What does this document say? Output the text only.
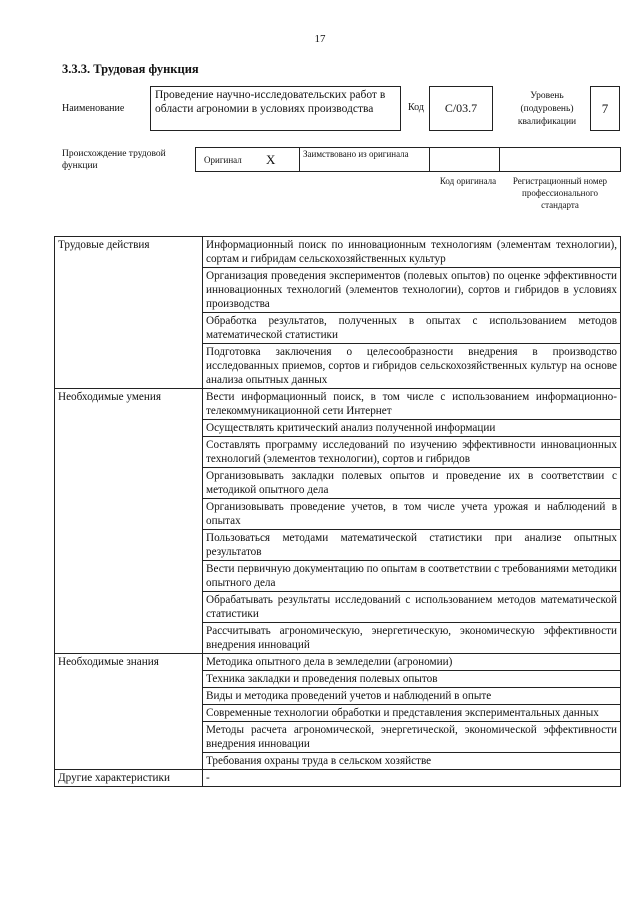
17
3.3.3. Трудовая функция
Наименование
Проведение научно-исследовательских работ в области агрономии в условиях производства	Код	С/03.7
Уровень (подуровень) квалификации
7
Происхождение трудовой функции
Оригинал X	Заимствовано из оригинала
Код оригинала	Регистрационный номер профессионального стандарта
Трудовые действия	Информационный поиск по инновационным технологиям (элементам технологии), сортам и гибридам сельскохозяйственных культур
	Организация проведения экспериментов (полевых опытов) по оценке эффективности инновационных технологий (элементов технологии), сортов и гибридов в условиях производства
	Обработка результатов, полученных в опытах с использованием методов математической статистики
	Подготовка заключения о целесообразности внедрения в производство исследованных приемов, сортов и гибридов сельскохозяйственных культур на основе анализа опытных данных
Необходимые умения	Вести информационный поиск, в том числе с использованием информационно-телекоммуникационной сети Интернет
	Осуществлять критический анализ полученной информации
	Составлять программу исследований по изучению эффективности инновационных технологий (элементов технологии), сортов и гибридов
	Организовывать закладки полевых опытов и проведение их в соответствии с методикой опытного дела
	Организовывать проведение учетов, в том числе учета урожая и наблюдений в опытах
	Пользоваться методами математической статистики при анализе опытных результатов
	Вести первичную документацию по опытам в соответствии с требованиями методики опытного дела
	Обрабатывать результаты исследований с использованием методов математической статистики
	Рассчитывать агрономическую, энергетическую, экономическую эффективности внедрения инноваций
Необходимые знания	Методика опытного дела в земледелии (агрономии)
	Техника закладки и проведения полевых опытов
	Виды и методика проведений учетов и наблюдений в опыте
	Современные технологии обработки и представления экспериментальных данных
	Методы расчета агрономической, энергетической, экономической эффективности внедрения инновации
	Требования охраны труда в сельском хозяйстве
Другие характеристики	-
